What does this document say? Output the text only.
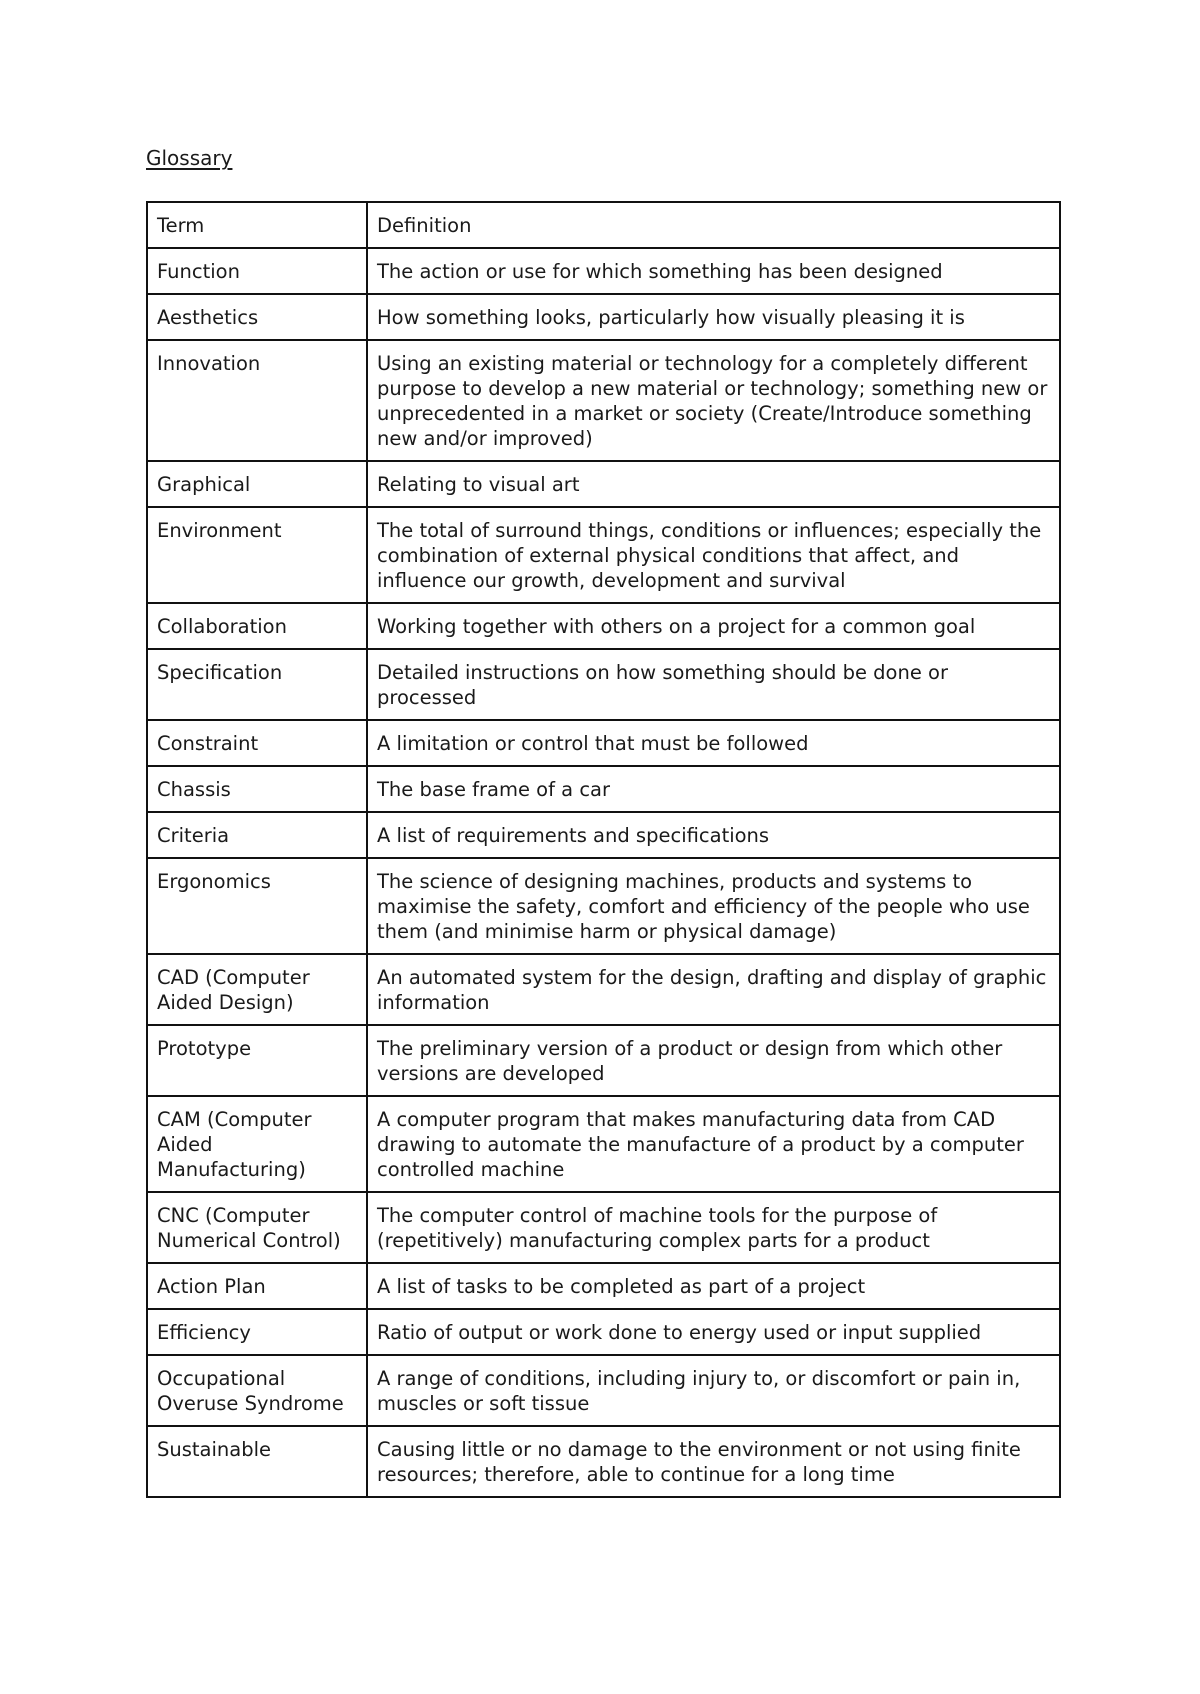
Glossary
Term	Definition
Function	The action or use for which something has been designed
Aesthetics	How something looks, particularly how visually pleasing it is
Innovation	Using an existing material or technology for a completely different purpose to develop a new material or technology; something new or unprecedented in a market or society (Create/Introduce something new and/or improved)
Graphical	Relating to visual art
Environment	The total of surround things, conditions or influences; especially the combination of external physical conditions that affect, and influence our growth, development and survival
Collaboration	Working together with others on a project for a common goal
Specification	Detailed instructions on how something should be done or processed
Constraint	A limitation or control that must be followed
Chassis	The base frame of a car
Criteria	A list of requirements and specifications
Ergonomics	The science of designing machines, products and systems to maximise the safety, comfort and efficiency of the people who use them (and minimise harm or physical damage)
CAD (Computer Aided Design)	An automated system for the design, drafting and display of graphic information
Prototype	The preliminary version of a product or design from which other versions are developed
CAM (Computer Aided Manufacturing)	A computer program that makes manufacturing data from CAD drawing to automate the manufacture of a product by a computer controlled machine
CNC (Computer Numerical Control)	The computer control of machine tools for the purpose of (repetitively) manufacturing complex parts for a product
Action Plan	A list of tasks to be completed as part of a project
Efficiency	Ratio of output or work done to energy used or input supplied
Occupational Overuse Syndrome	A range of conditions, including injury to, or discomfort or pain in, muscles or soft tissue
Sustainable	Causing little or no damage to the environment or not using finite resources; therefore, able to continue for a long time
